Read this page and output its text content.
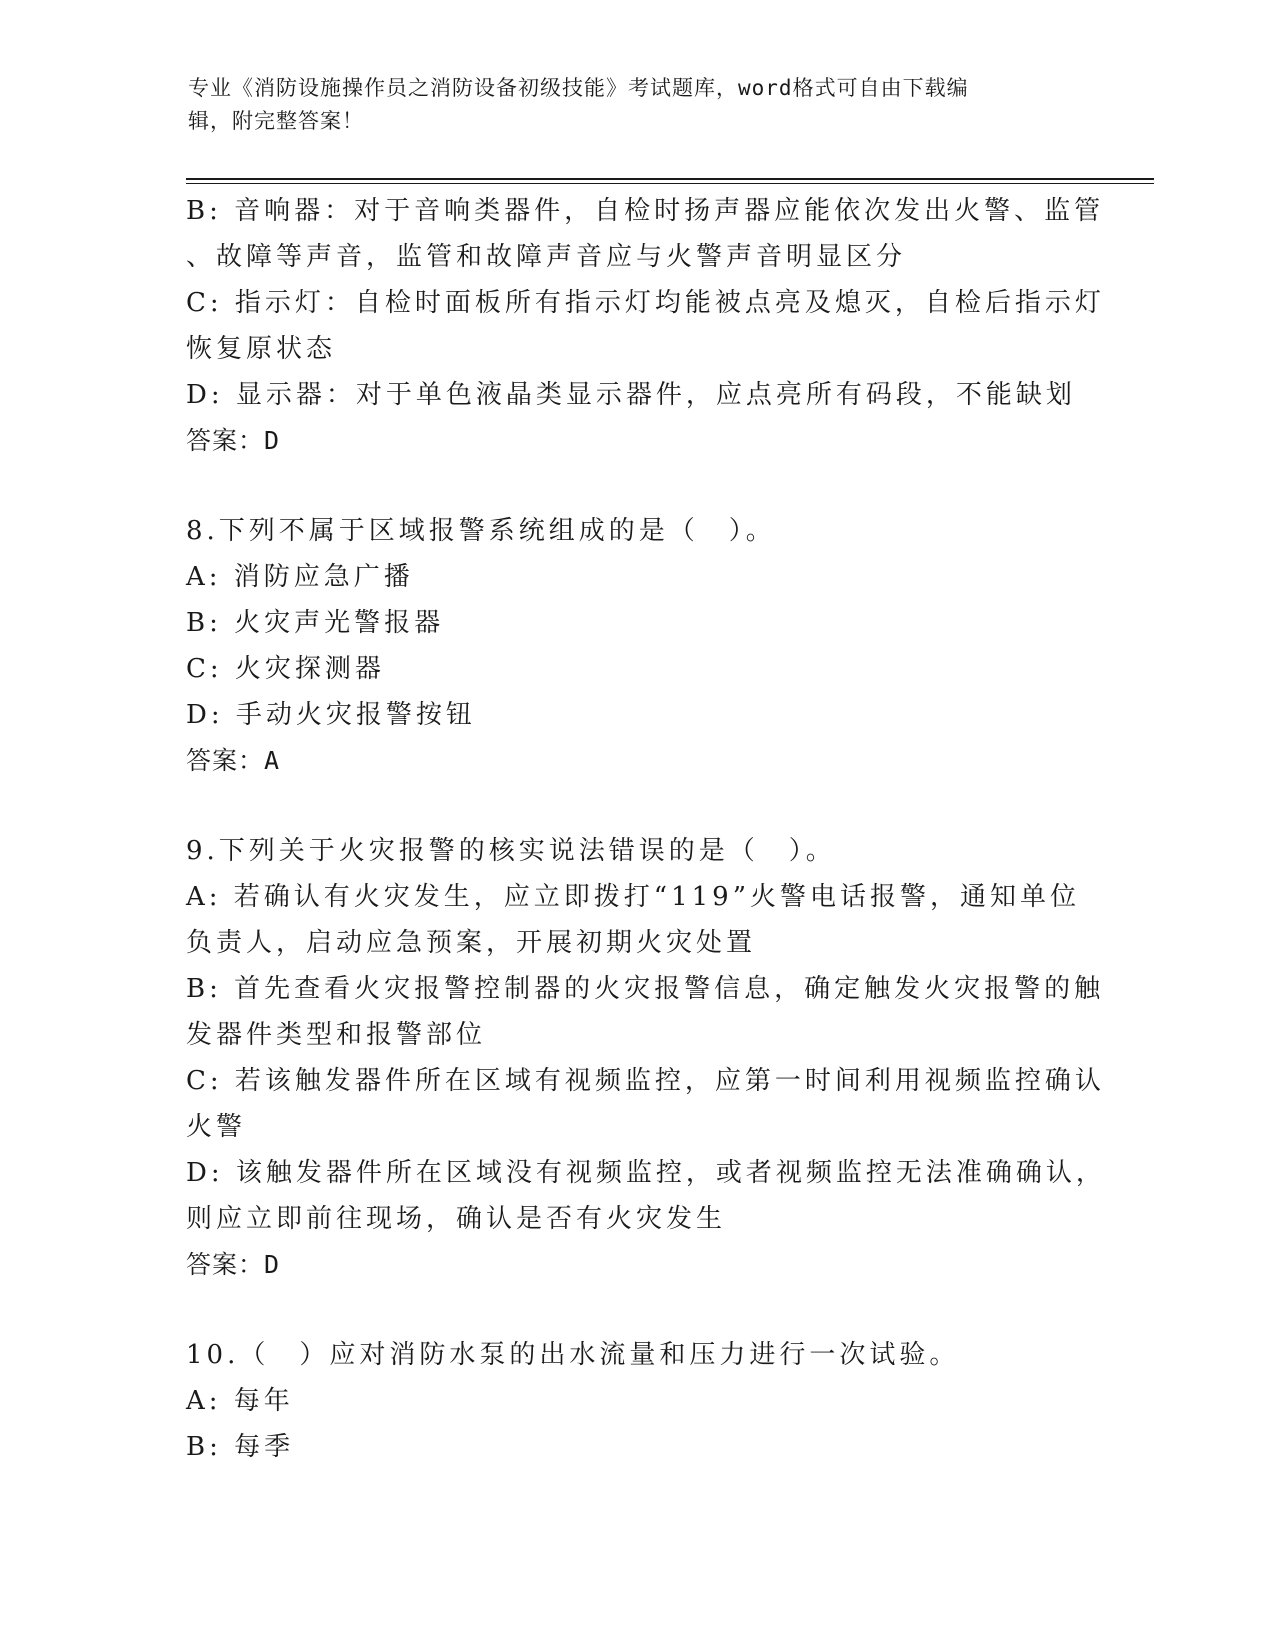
专业《消防设施操作员之消防设备初级技能》考试题库，word格式可自由下载编
辑，附完整答案！
B: 音响器：对于音响类器件，自检时扬声器应能依次发出火警、监管
、故障等声音，监管和故障声音应与火警声音明显区分
C: 指示灯：自检时面板所有指示灯均能被点亮及熄灭，自检后指示灯
恢复原状态
D: 显示器：对于单色液晶类显示器件，应点亮所有码段，不能缺划
答案：D
8.下列不属于区域报警系统组成的是（　）。
A: 消防应急广播
B: 火灾声光警报器
C: 火灾探测器
D: 手动火灾报警按钮
答案：A
9.下列关于火灾报警的核实说法错误的是（　）。
A: 若确认有火灾发生，应立即拨打“119”火警电话报警，通知单位
负责人，启动应急预案，开展初期火灾处置
B: 首先查看火灾报警控制器的火灾报警信息，确定触发火灾报警的触
发器件类型和报警部位
C: 若该触发器件所在区域有视频监控，应第一时间利用视频监控确认
火警
D: 该触发器件所在区域没有视频监控，或者视频监控无法准确确认，
则应立即前往现场，确认是否有火灾发生
答案：D
10.（　）应对消防水泵的出水流量和压力进行一次试验。
A: 每年
B: 每季
